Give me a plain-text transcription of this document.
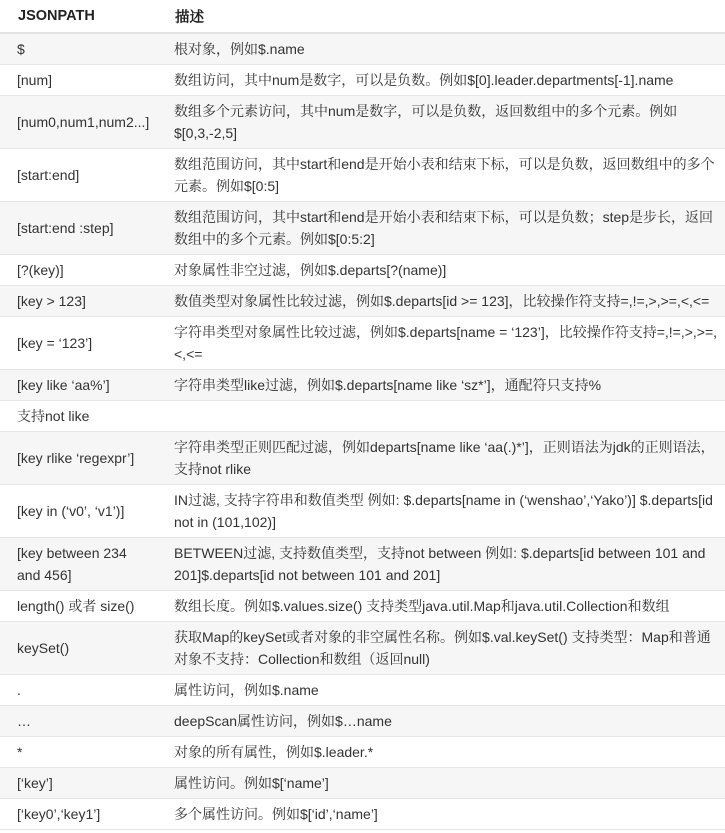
JSONPATH	描述
$	根对象，例如$.name
[num]	数组访问，其中num是数字，可以是负数。例如$[0].leader.departments[-1].name
[num0,num1,num2...]	数组多个元素访问，其中num是数字，可以是负数，返回数组中的多个元素。例如$[0,3,-2,5]
[start:end]	数组范围访问，其中start和end是开始小表和结束下标，可以是负数，返回数组中的多个元素。例如$[0:5]
[start:end :step]	数组范围访问，其中start和end是开始小表和结束下标，可以是负数；step是步长，返回数组中的多个元素。例如$[0:5:2]
[?(key)]	对象属性非空过滤，例如$.departs[?(name)]
[key > 123]	数值类型对象属性比较过滤，例如$.departs[id >= 123]，比较操作符支持=,!=,>,>=,<,<=
[key = ‘123’]	字符串类型对象属性比较过滤，例如$.departs[name = ‘123’]，比较操作符支持=,!=,>,>=,<,<=
[key like ‘aa%’]	字符串类型like过滤，例如$.departs[name like ‘sz*’]，通配符只支持%
支持not like	
[key rlike ‘regexpr’]	字符串类型正则匹配过滤，例如departs[name like ‘aa(.)*’]，正则语法为jdk的正则语法，支持not rlike
[key in (‘v0’, ‘v1’)]	IN过滤, 支持字符串和数值类型 例如: $.departs[name in (‘wenshao’,‘Yako’)] $.departs[id not in (101,102)]
[key between 234 and 456]	BETWEEN过滤, 支持数值类型，支持not between 例如: $.departs[id between 101 and 201]$.departs[id not between 101 and 201]
length() 或者 size()	数组长度。例如$.values.size() 支持类型java.util.Map和java.util.Collection和数组
keySet()	获取Map的keySet或者对象的非空属性名称。例如$.val.keySet() 支持类型：Map和普通对象不支持：Collection和数组（返回null)
.	属性访问，例如$.name
…	deepScan属性访问，例如$…name
*	对象的所有属性，例如$.leader.*
[‘key’]	属性访问。例如$[‘name’]
[‘key0’,‘key1’]	多个属性访问。例如$[‘id’,‘name’]
